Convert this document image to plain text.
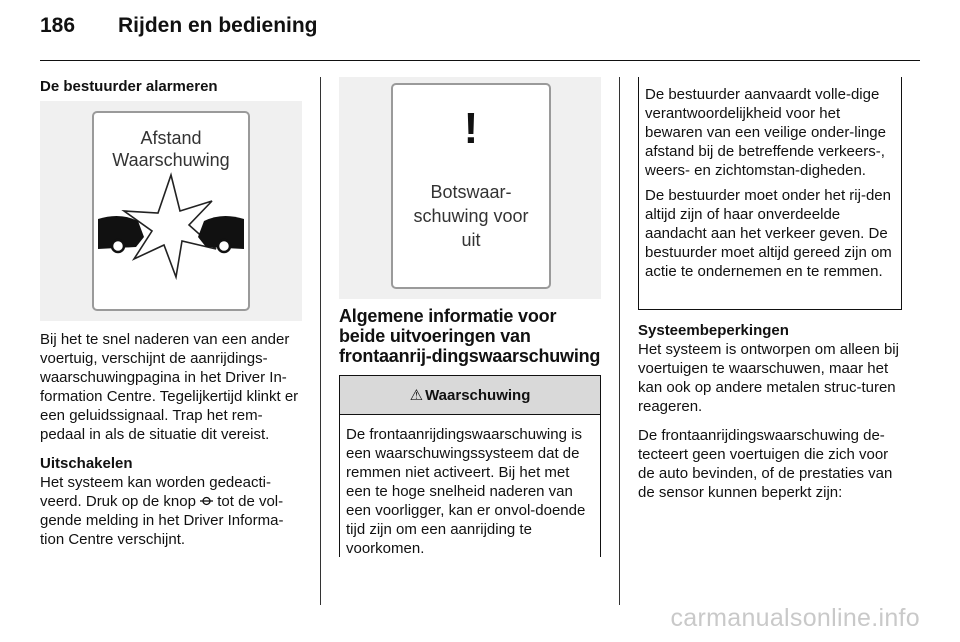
186 Rijden en bediening
De bestuurder alarmeren
Afstand
Waarschuwing

Bij het te snel naderen van een ander voertuig, verschijnt de aanrijdings-waarschuwingpagina in het Driver In-formation Centre. Tegelijkertijd klinkt er een geluidssignaal. Trap het rem-pedaal in als de situatie dit vereist.

Uitschakelen

Het systeem kan worden gedeacti-veerd. Druk op de knop  tot de vol-gende melding in het Driver Informa-tion Centre verschijnt.

!
Botswaar-
schuwing voor
uit
Algemene informatie voor beide uitvoeringen van frontaanrij-dingswaarschuwing
⚠ Waarschuwing
De frontaanrijdingswaarschuwing is een waarschuwingssysteem dat de remmen niet activeert. Bij het met een te hoge snelheid naderen van een voorligger, kan er onvol-doende tijd zijn om een aanrijding te voorkomen.

De bestuurder aanvaardt volle-dige verantwoordelijkheid voor het bewaren van een veilige onder-linge afstand bij de betreffende verkeers-, weers- en zichtomstan-digheden.

De bestuurder moet onder het rij-den altijd zijn of haar onverdeelde aandacht aan het verkeer geven. De bestuurder moet altijd gereed zijn om actie te ondernemen en te remmen.

Systeembeperkingen

Het systeem is ontworpen om alleen bij voertuigen te waarschuwen, maar het kan ook op andere metalen struc-turen reageren.

De frontaanrijdingswaarschuwing de-tecteert geen voertuigen die zich voor de auto bevinden, of de prestaties van de sensor kunnen beperkt zijn:

carmanualsonline.info
